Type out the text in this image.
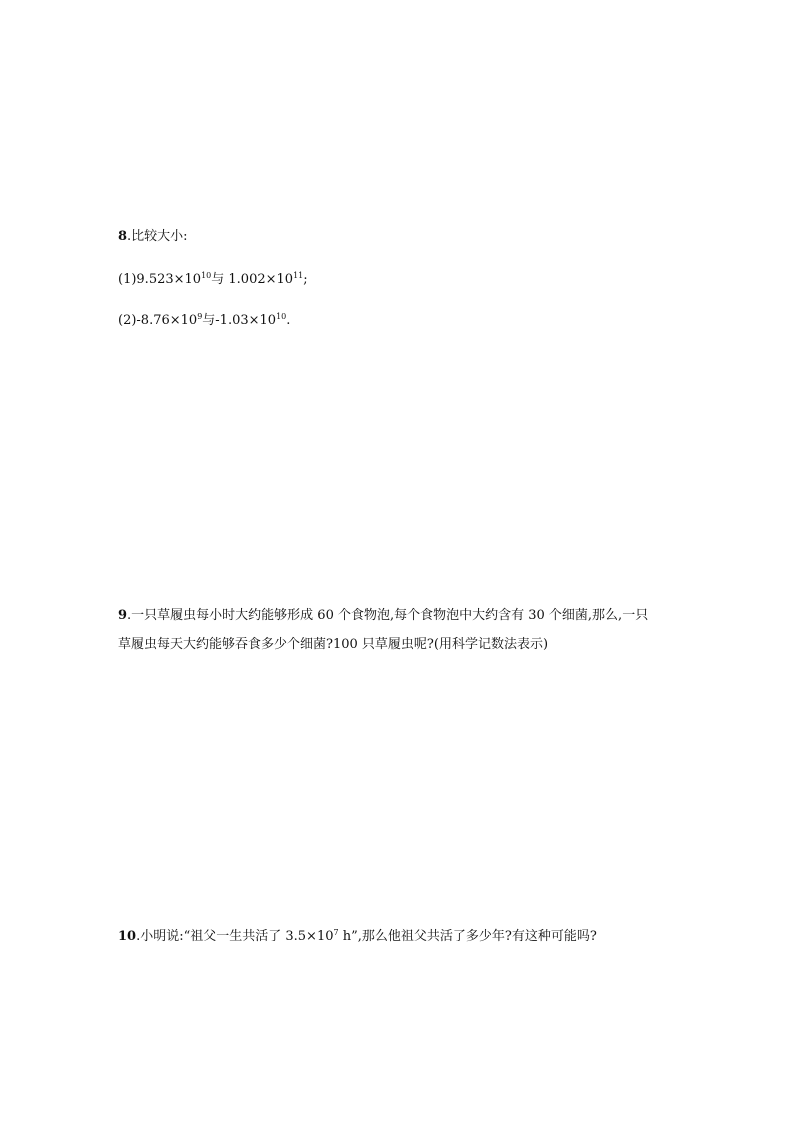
8.比较大小:
$(1)9.523\times 10^{10}$与 $1.002\times 10^{11}$;
$(2)-8.76\times 10^9$与$-1.03\times 10^{10}$.
9.一只草履虫每小时大约能够形成 60 个食物泡,每个食物泡中大约含有 30 个细菌,那么,一只
草履虫每天大约能够吞食多少个细菌?100 只草履虫呢?(用科学记数法表示)
10.小明说:“祖父一生共活了 $3.5\times 10^7$ h”,那么他祖父共活了多少年?有这种可能吗?
